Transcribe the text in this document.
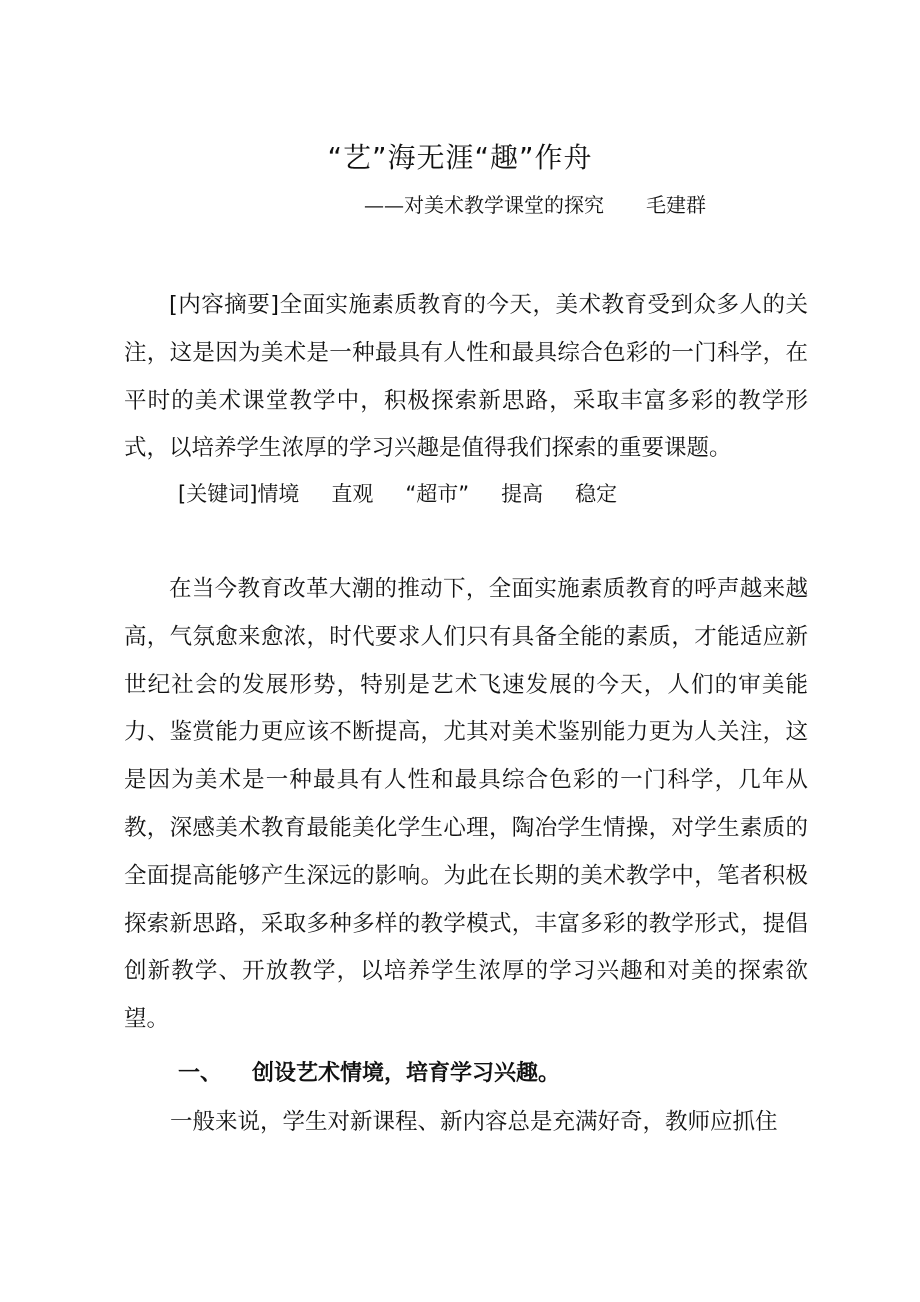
“艺”海无涯“趣”作舟
——对美术教学课堂的探究 毛建群

[内容摘要]全面实施素质教育的今天，美术教育受到众多人的关注，这是因为美术是一种最具有人性和最具综合色彩的一门科学，在平时的美术课堂教学中，积极探索新思路，采取丰富多彩的教学形式，以培养学生浓厚的学习兴趣是值得我们探索的重要课题。

[关键词]情境 直观 “超市” 提高 稳定

在当今教育改革大潮的推动下，全面实施素质教育的呼声越来越高，气氛愈来愈浓，时代要求人们只有具备全能的素质，才能适应新世纪社会的发展形势，特别是艺术飞速发展的今天，人们的审美能力、鉴赏能力更应该不断提高，尤其对美术鉴别能力更为人关注，这是因为美术是一种最具有人性和最具综合色彩的一门科学，几年从教，深感美术教育最能美化学生心理，陶冶学生情操，对学生素质的全面提高能够产生深远的影响。为此在长期的美术教学中，笔者积极探索新思路，采取多种多样的教学模式，丰富多彩的教学形式，提倡创新教学、开放教学，以培养学生浓厚的学习兴趣和对美的探索欲望。

一、 创设艺术情境，培育学习兴趣。
一般来说，学生对新课程、新内容总是充满好奇，教师应抓住
